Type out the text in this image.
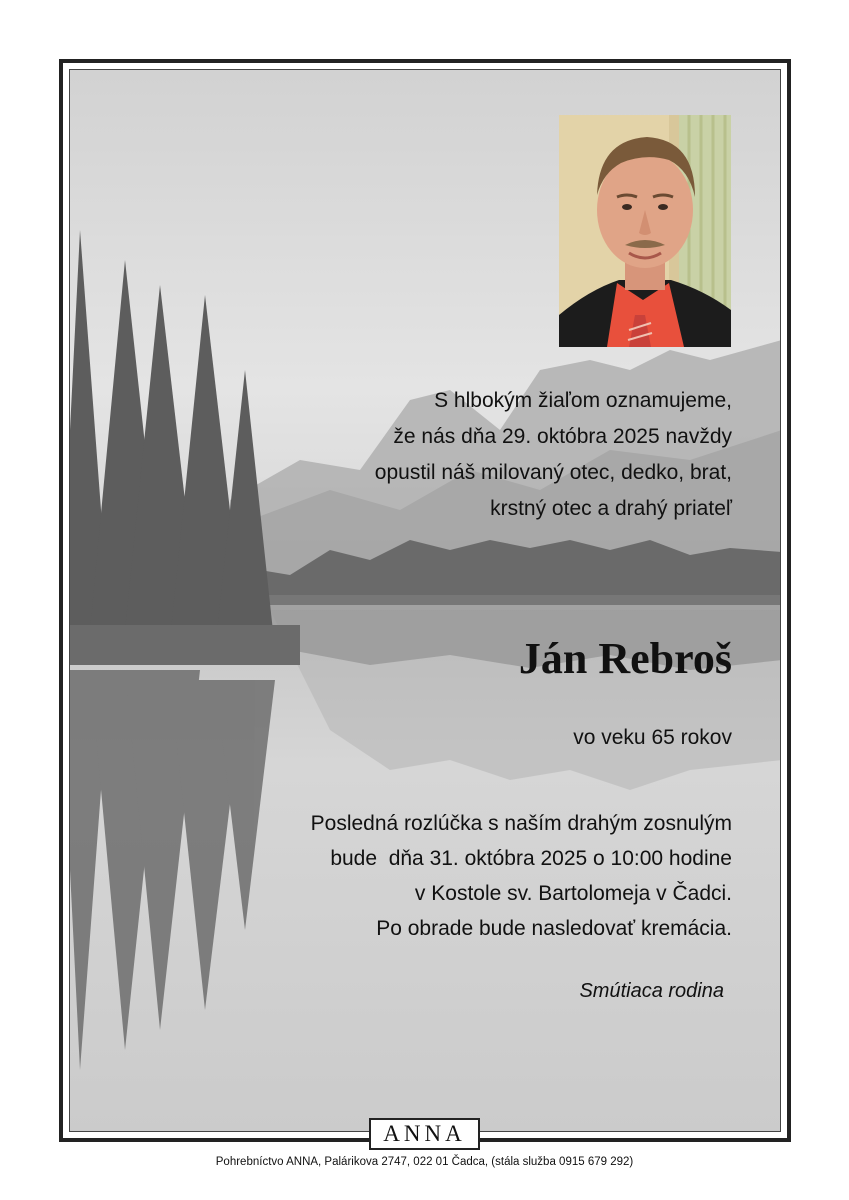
S hlbokým žiaľom oznamujeme,
že nás dňa 29. októbra 2025 navždy
opustil náš milovaný otec, dedko, brat,
krstný otec a drahý priateľ
Ján Rebroš
vo veku 65 rokov
Posledná rozlúčka s naším drahým zosnulým
bude  dňa 31. októbra 2025 o 10:00 hodine
v Kostole sv. Bartolomeja v Čadci.
Po obrade bude nasledovať kremácia.
Smútiaca rodina
ANNA
Pohrebníctvo ANNA, Palárikova 2747, 022 01 Čadca, (stála služba 0915 679 292)
